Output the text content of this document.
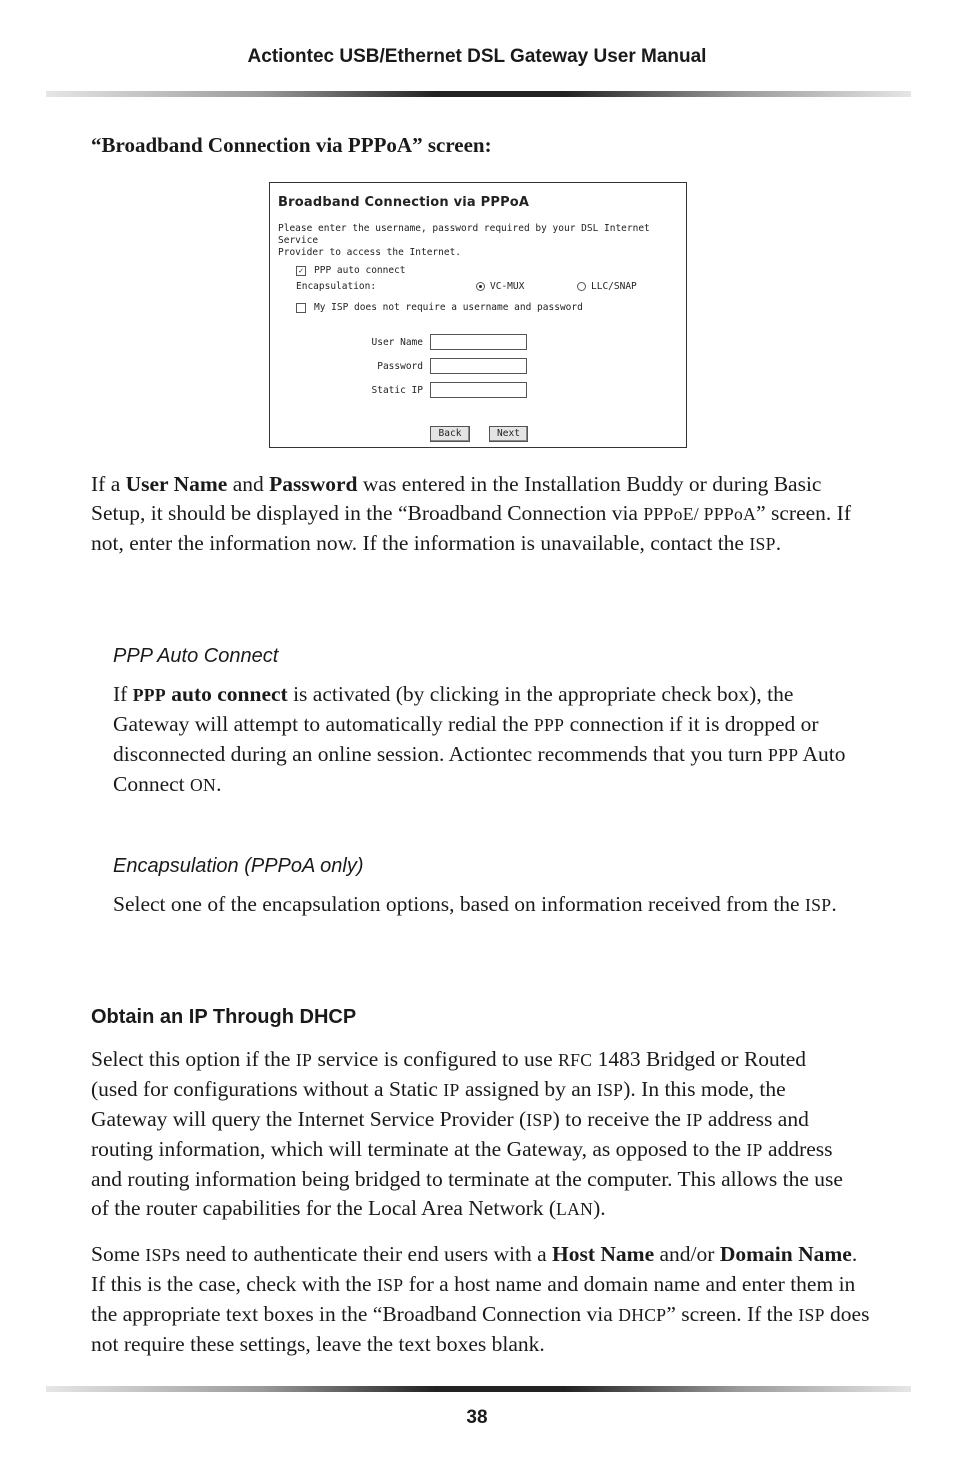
Actiontec USB/Ethernet DSL Gateway User Manual
“Broadband Connection via PPPoA” screen:
Broadband Connection via PPPoA
Please enter the username, password required by your DSL Internet Service
Provider to access the Internet.
✓ PPP auto connect
Encapsulation:	VC-MUX	LLC/SNAP
My ISP does not require a username and password
User Name
Password
Static IP
Back	Next
If a User Name and Password was entered in the Installation Buddy or during Basic Setup, it should be displayed in the “Broadband Connection via PPPoE/ PPPoA” screen. If not, enter the information now. If the information is unavailable, contact the ISP.
PPP Auto Connect
If PPP auto connect is activated (by clicking in the appropriate check box), the Gateway will attempt to automatically redial the PPP connection if it is dropped or disconnected during an online session. Actiontec recommends that you turn PPP Auto Connect ON.
Encapsulation (PPPoA only)
Select one of the encapsulation options, based on information received from the ISP.
Obtain an IP Through DHCP
Select this option if the IP service is configured to use RFC 1483 Bridged or Routed (used for configurations without a Static IP assigned by an ISP). In this mode, the Gateway will query the Internet Service Provider (ISP) to receive the IP address and routing information, which will terminate at the Gateway, as opposed to the IP address and routing information being bridged to terminate at the computer. This allows the use of the router capabilities for the Local Area Network (LAN).
Some ISPs need to authenticate their end users with a Host Name and/or Domain Name. If this is the case, check with the ISP for a host name and domain name and enter them in the appropriate text boxes in the “Broadband Connection via DHCP” screen. If the ISP does not require these settings, leave the text boxes blank.
38
